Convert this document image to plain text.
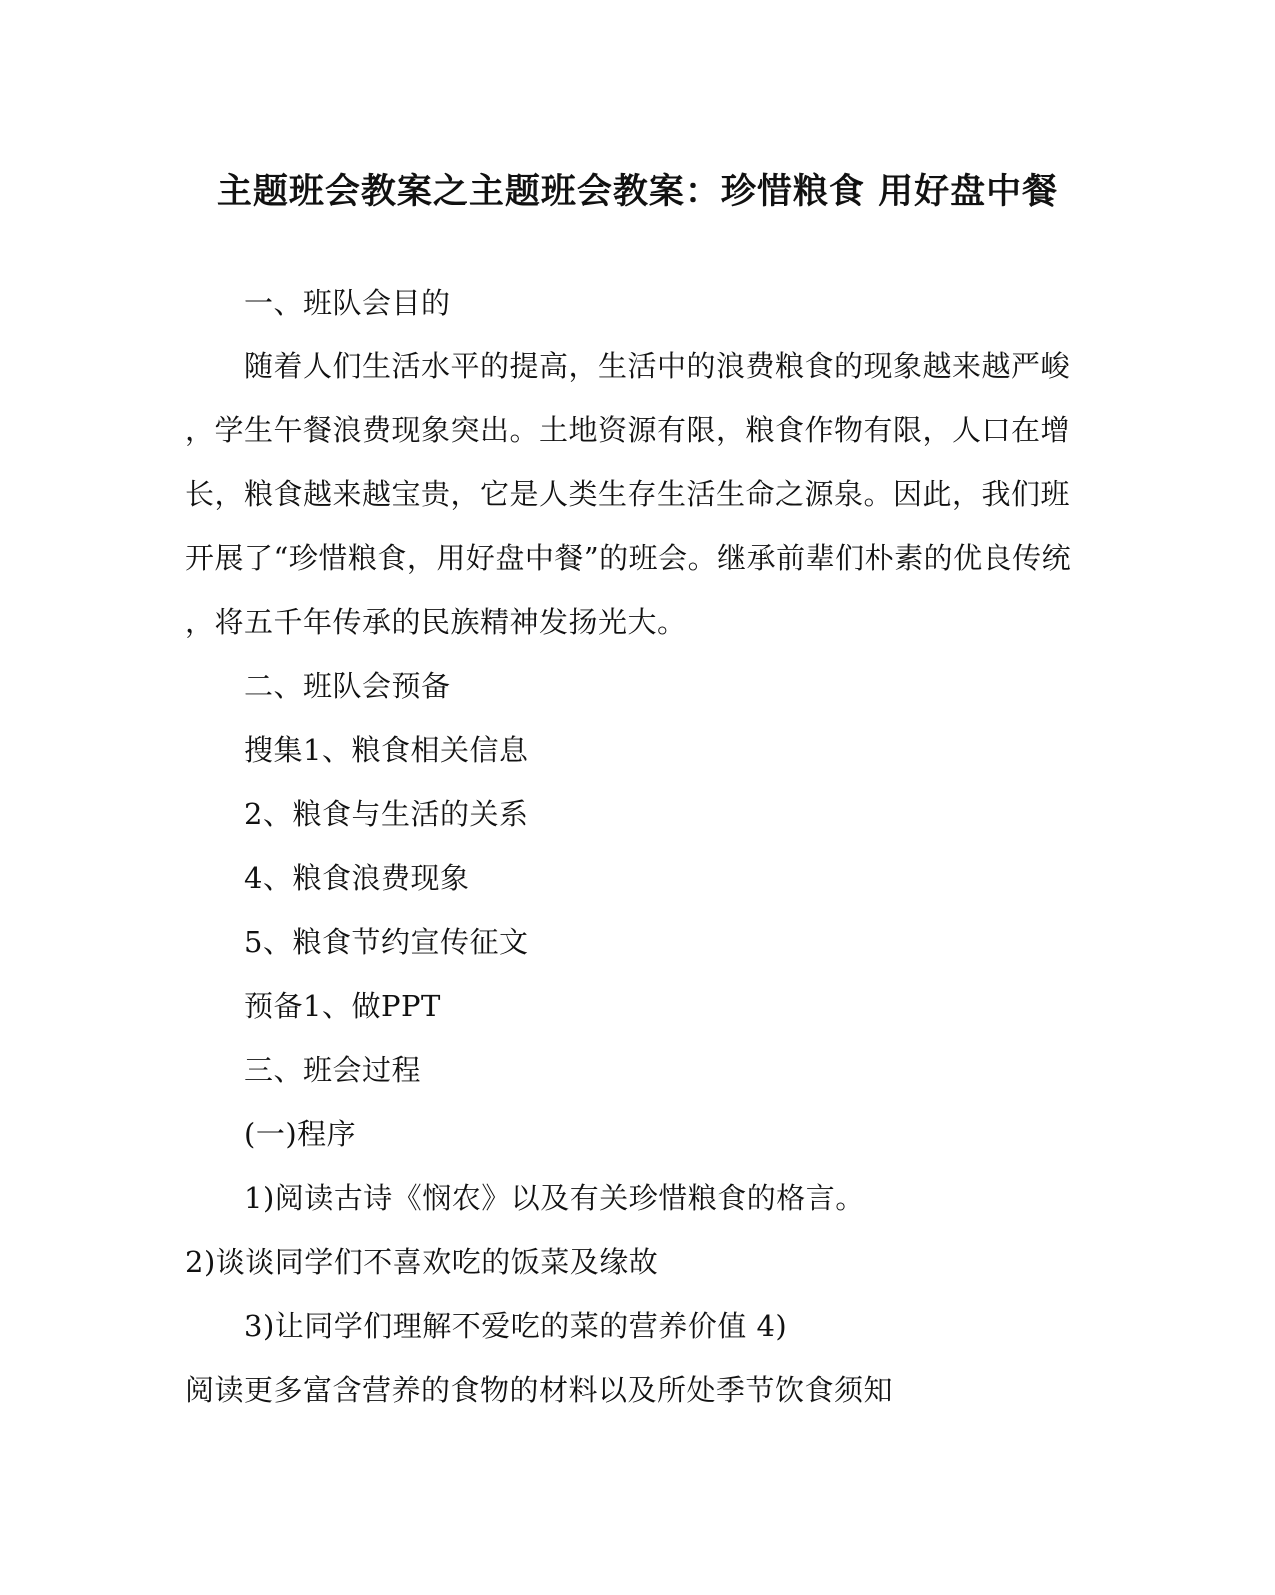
主题班会教案之主题班会教案：珍惜粮食 用好盘中餐
一、班队会目的
随着人们生活水平的提高，生活中的浪费粮食的现象越来越严峻
，学生午餐浪费现象突出。土地资源有限，粮食作物有限，人口在增
长，粮食越来越宝贵，它是人类生存生活生命之源泉。因此，我们班
开展了“珍惜粮食，用好盘中餐”的班会。继承前辈们朴素的优良传统
，将五千年传承的民族精神发扬光大。
二、班队会预备
搜集1、粮食相关信息
2、粮食与生活的关系
4、粮食浪费现象
5、粮食节约宣传征文
预备1、做PPT
三、班会过程
(一)程序
1)阅读古诗《悯农》以及有关珍惜粮食的格言。
2)谈谈同学们不喜欢吃的饭菜及缘故
3)让同学们理解不爱吃的菜的营养价值 4)
阅读更多富含营养的食物的材料以及所处季节饮食须知
